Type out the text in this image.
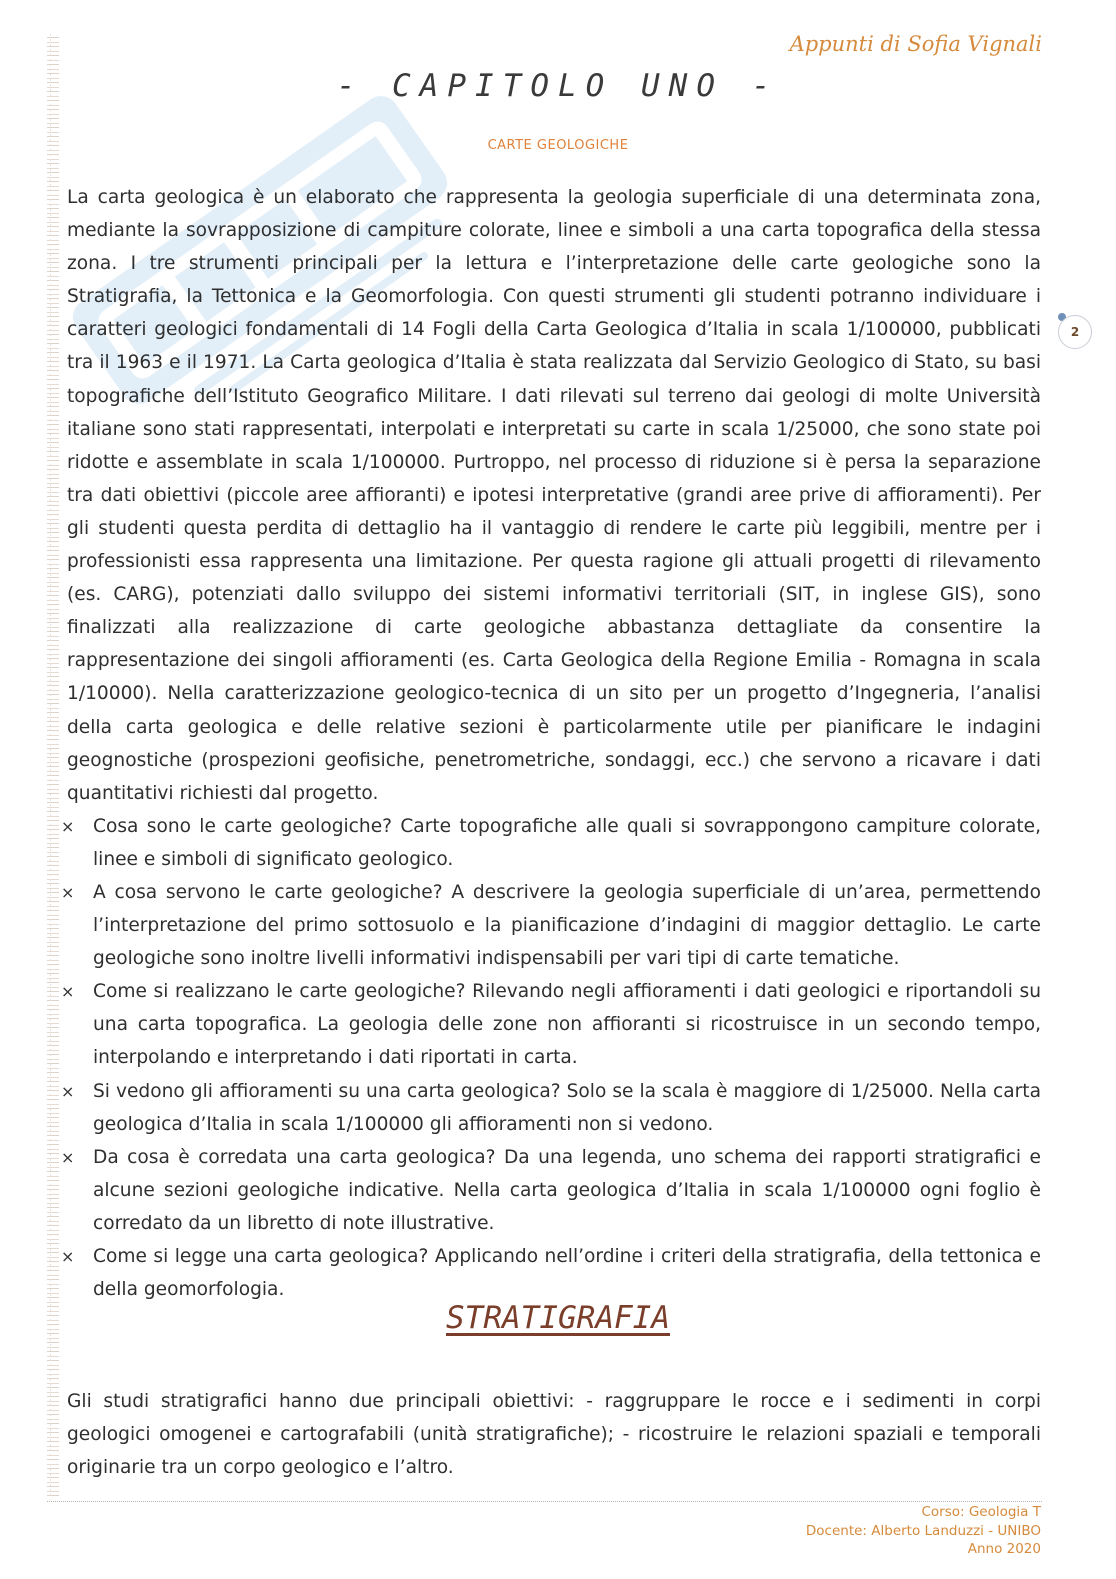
Appunti di Sofia Vignali
- CAPITOLO UNO -
CARTE GEOLOGICHE
2

La carta geologica è un elaborato che rappresenta la geologia superficiale di una determinata zona, mediante la sovrapposizione di campiture colorate, linee e simboli a una carta topografica della stessa zona. I tre strumenti principali per la lettura e l’interpretazione delle carte geologiche sono la Stratigrafia, la Tettonica e la Geomorfologia. Con questi strumenti gli studenti potranno individuare i caratteri geologici fondamentali di 14 Fogli della Carta Geologica d’Italia in scala 1/100000, pubblicati tra il 1963 e il 1971. La Carta geologica d’Italia è stata realizzata dal Servizio Geologico di Stato, su basi topografiche dell’Istituto Geografico Militare. I dati rilevati sul terreno dai geologi di molte Università italiane sono stati rappresentati, interpolati e interpretati su carte in scala 1/25000, che sono state poi ridotte e assemblate in scala 1/100000. Purtroppo, nel processo di riduzione si è persa la separazione tra dati obiettivi (piccole aree affioranti) e ipotesi interpretative (grandi aree prive di affioramenti). Per gli studenti questa perdita di dettaglio ha il vantaggio di rendere le carte più leggibili, mentre per i professionisti essa rappresenta una limitazione. Per questa ragione gli attuali progetti di rilevamento (es. CARG), potenziati dallo sviluppo dei sistemi informativi territoriali (SIT, in inglese GIS), sono finalizzati alla realizzazione di carte geologiche abbastanza dettagliate da consentire la rappresentazione dei singoli affioramenti (es. Carta Geologica della Regione Emilia - Romagna in scala 1/10000). Nella caratterizzazione geologico-tecnica di un sito per un progetto d’Ingegneria, l’analisi della carta geologica e delle relative sezioni è particolarmente utile per pianificare le indagini geognostiche (prospezioni geofisiche, penetrometriche, sondaggi, ecc.) che servono a ricavare i dati quantitativi richiesti dal progetto.

× Cosa sono le carte geologiche? Carte topografiche alle quali si sovrappongono campiture colorate, linee e simboli di significato geologico.
× A cosa servono le carte geologiche? A descrivere la geologia superficiale di un’area, permettendo l’interpretazione del primo sottosuolo e la pianificazione d’indagini di maggior dettaglio. Le carte geologiche sono inoltre livelli informativi indispensabili per vari tipi di carte tematiche.
× Come si realizzano le carte geologiche? Rilevando negli affioramenti i dati geologici e riportandoli su una carta topografica. La geologia delle zone non affioranti si ricostruisce in un secondo tempo, interpolando e interpretando i dati riportati in carta.
× Si vedono gli affioramenti su una carta geologica? Solo se la scala è maggiore di 1/25000. Nella carta geologica d’Italia in scala 1/100000 gli affioramenti non si vedono.
× Da cosa è corredata una carta geologica? Da una legenda, uno schema dei rapporti stratigrafici e alcune sezioni geologiche indicative. Nella carta geologica d’Italia in scala 1/100000 ogni foglio è corredato da un libretto di note illustrative.
× Come si legge una carta geologica? Applicando nell’ordine i criteri della stratigrafia, della tettonica e della geomorfologia.
STRATIGRAFIA

Gli studi stratigrafici hanno due principali obiettivi: - raggruppare le rocce e i sedimenti in corpi geologici omogenei e cartografabili (unità stratigrafiche); - ricostruire le relazioni spaziali e temporali originarie tra un corpo geologico e l’altro.

Corso: Geologia T
Docente: Alberto Landuzzi - UNIBO
Anno 2020
